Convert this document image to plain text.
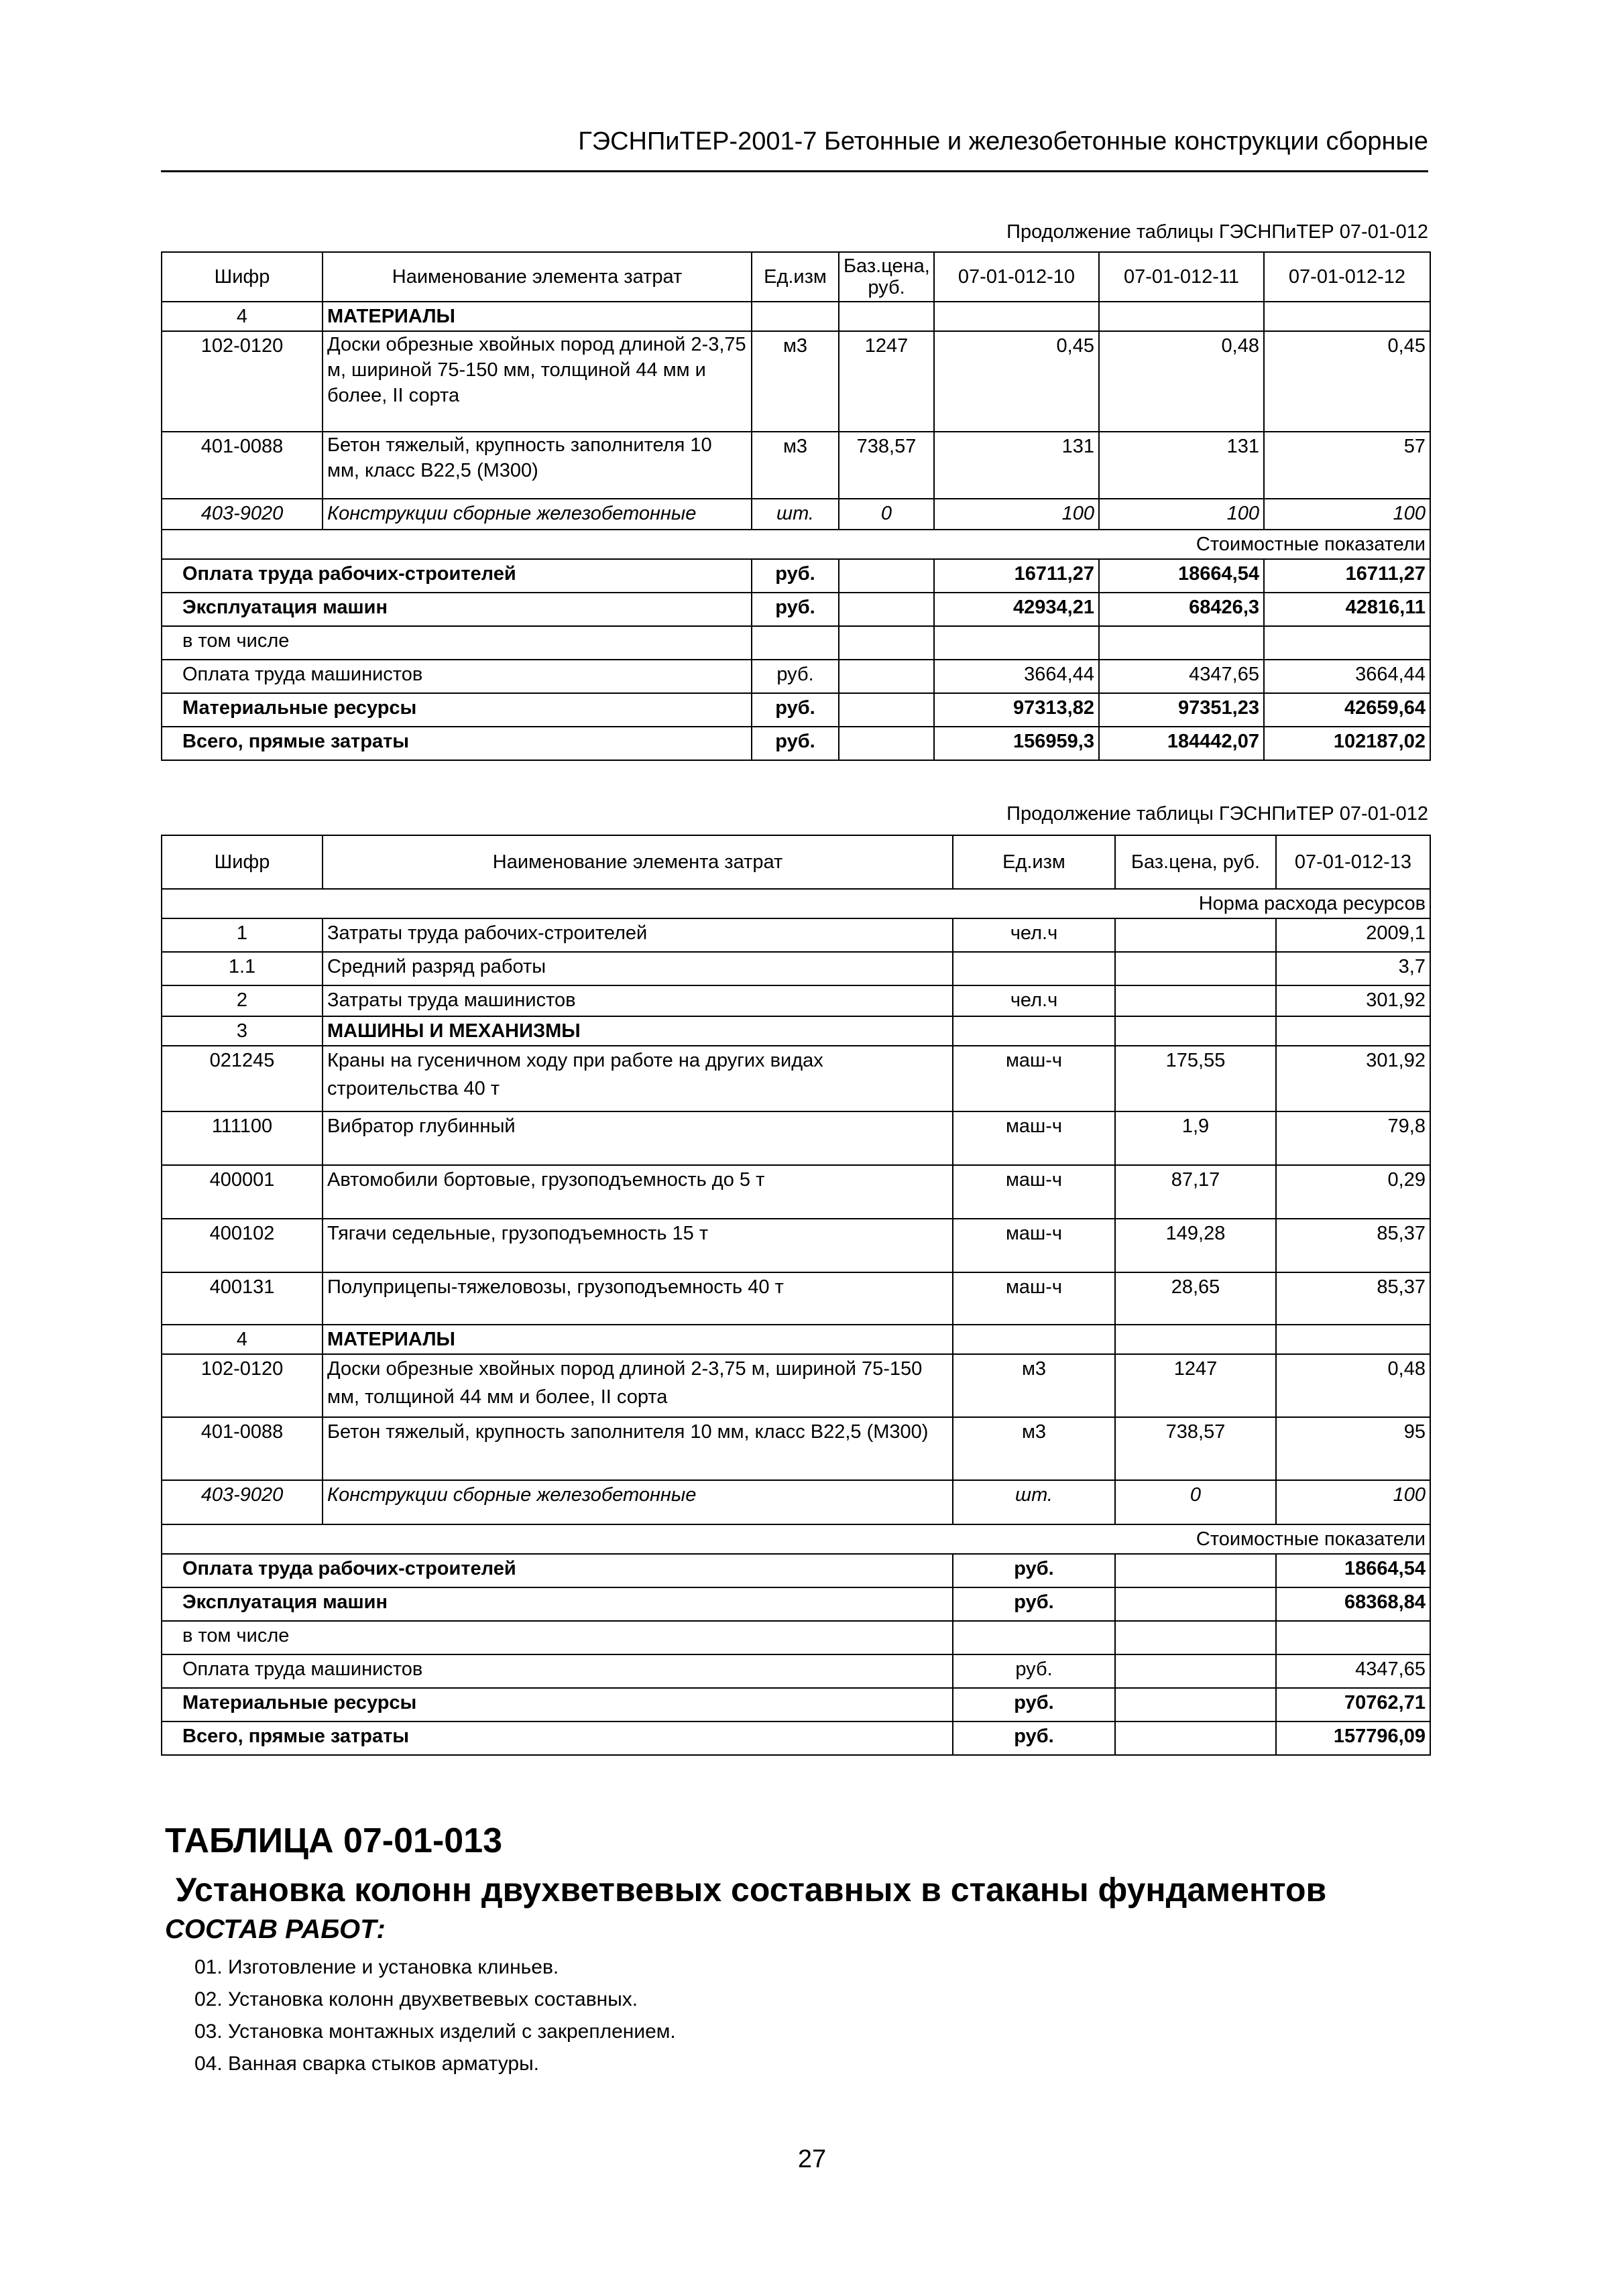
ГЭСНПиТЕР-2001-7 Бетонные и железобетонные конструкции сборные
Продолжение таблицы ГЭСНПиТЕР 07-01-012
Шифр	Наименование элемента затрат	Ед.изм	Баз.цена, руб.	07-01-012-10	07-01-012-11	07-01-012-12
4	МАТЕРИАЛЫ					
102-0120	Доски обрезные хвойных пород длиной 2-3,75 м, шириной 75-150 мм, толщиной 44 мм и более, II сорта	м3	1247	0,45	0,48	0,45
401-0088	Бетон тяжелый, крупность заполнителя 10 мм, класс В22,5 (М300)	м3	738,57	131	131	57
403-9020	Конструкции сборные железобетонные	шт.	0	100	100	100
Стоимостные показатели						
Оплата труда рабочих-строителей		руб.		16711,27	18664,54	16711,27
Эксплуатация машин		руб.		42934,21	68426,3	42816,11
в том числе						
Оплата труда машинистов		руб.		3664,44	4347,65	3664,44
Материальные ресурсы		руб.		97313,82	97351,23	42659,64
Всего, прямые затраты		руб.		156959,3	184442,07	102187,02
Продолжение таблицы ГЭСНПиТЕР 07-01-012
Шифр	Наименование элемента затрат	Ед.изм	Баз.цена, руб.	07-01-012-13
Норма расхода ресурсов				
1	Затраты труда рабочих-строителей	чел.ч		2009,1
1.1	Средний разряд работы			3,7
2	Затраты труда машинистов	чел.ч		301,92
3	МАШИНЫ И МЕХАНИЗМЫ			
021245	Краны на гусеничном ходу при работе на других видах строительства 40 т	маш-ч	175,55	301,92
111100	Вибратор глубинный	маш-ч	1,9	79,8
400001	Автомобили бортовые, грузоподъемность до 5 т	маш-ч	87,17	0,29
400102	Тягачи седельные, грузоподъемность 15 т	маш-ч	149,28	85,37
400131	Полуприцепы-тяжеловозы, грузоподъемность 40 т	маш-ч	28,65	85,37
4	МАТЕРИАЛЫ			
102-0120	Доски обрезные хвойных пород длиной 2-3,75 м, шириной 75-150 мм, толщиной 44 мм и более, II сорта	м3	1247	0,48
401-0088	Бетон тяжелый, крупность заполнителя 10 мм, класс В22,5 (М300)	м3	738,57	95
403-9020	Конструкции сборные железобетонные	шт.	0	100
Стоимостные показатели				
Оплата труда рабочих-строителей		руб.		18664,54
Эксплуатация машин		руб.		68368,84
в том числе				
Оплата труда машинистов		руб.		4347,65
Материальные ресурсы		руб.		70762,71
Всего, прямые затраты		руб.		157796,09
ТАБЛИЦА 07-01-013
Установка колонн двухветвевых составных в стаканы фундаментов
СОСТАВ РАБОТ:
01. Изготовление и установка клиньев.
02. Установка колонн двухветвевых составных.
03. Установка монтажных изделий с закреплением.
04. Ванная сварка стыков арматуры.
27
